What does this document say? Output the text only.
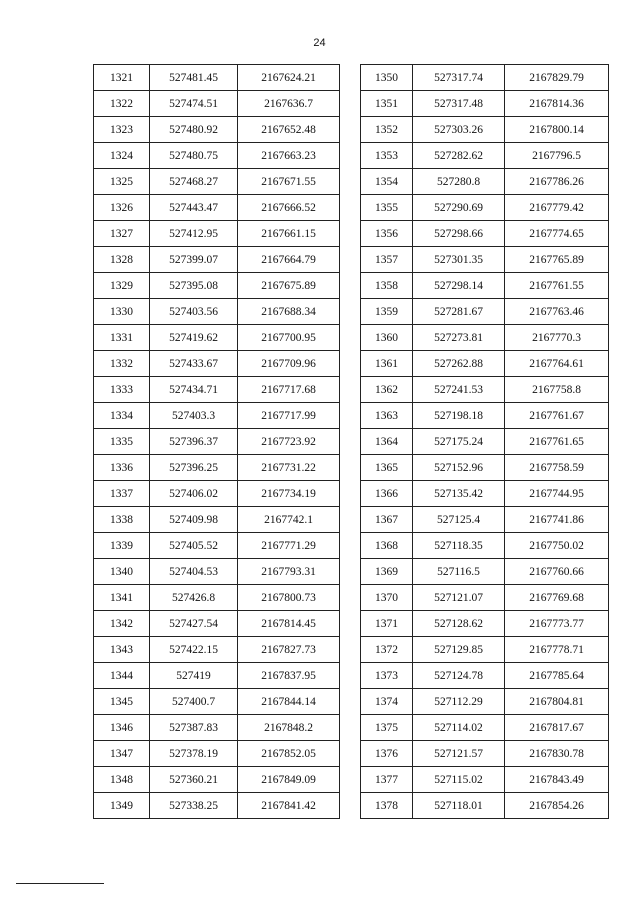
24
1321	527481.45	2167624.21
1322	527474.51	2167636.7
1323	527480.92	2167652.48
1324	527480.75	2167663.23
1325	527468.27	2167671.55
1326	527443.47	2167666.52
1327	527412.95	2167661.15
1328	527399.07	2167664.79
1329	527395.08	2167675.89
1330	527403.56	2167688.34
1331	527419.62	2167700.95
1332	527433.67	2167709.96
1333	527434.71	2167717.68
1334	527403.3	2167717.99
1335	527396.37	2167723.92
1336	527396.25	2167731.22
1337	527406.02	2167734.19
1338	527409.98	2167742.1
1339	527405.52	2167771.29
1340	527404.53	2167793.31
1341	527426.8	2167800.73
1342	527427.54	2167814.45
1343	527422.15	2167827.73
1344	527419	2167837.95
1345	527400.7	2167844.14
1346	527387.83	2167848.2
1347	527378.19	2167852.05
1348	527360.21	2167849.09
1349	527338.25	2167841.42
1350	527317.74	2167829.79
1351	527317.48	2167814.36
1352	527303.26	2167800.14
1353	527282.62	2167796.5
1354	527280.8	2167786.26
1355	527290.69	2167779.42
1356	527298.66	2167774.65
1357	527301.35	2167765.89
1358	527298.14	2167761.55
1359	527281.67	2167763.46
1360	527273.81	2167770.3
1361	527262.88	2167764.61
1362	527241.53	2167758.8
1363	527198.18	2167761.67
1364	527175.24	2167761.65
1365	527152.96	2167758.59
1366	527135.42	2167744.95
1367	527125.4	2167741.86
1368	527118.35	2167750.02
1369	527116.5	2167760.66
1370	527121.07	2167769.68
1371	527128.62	2167773.77
1372	527129.85	2167778.71
1373	527124.78	2167785.64
1374	527112.29	2167804.81
1375	527114.02	2167817.67
1376	527121.57	2167830.78
1377	527115.02	2167843.49
1378	527118.01	2167854.26
